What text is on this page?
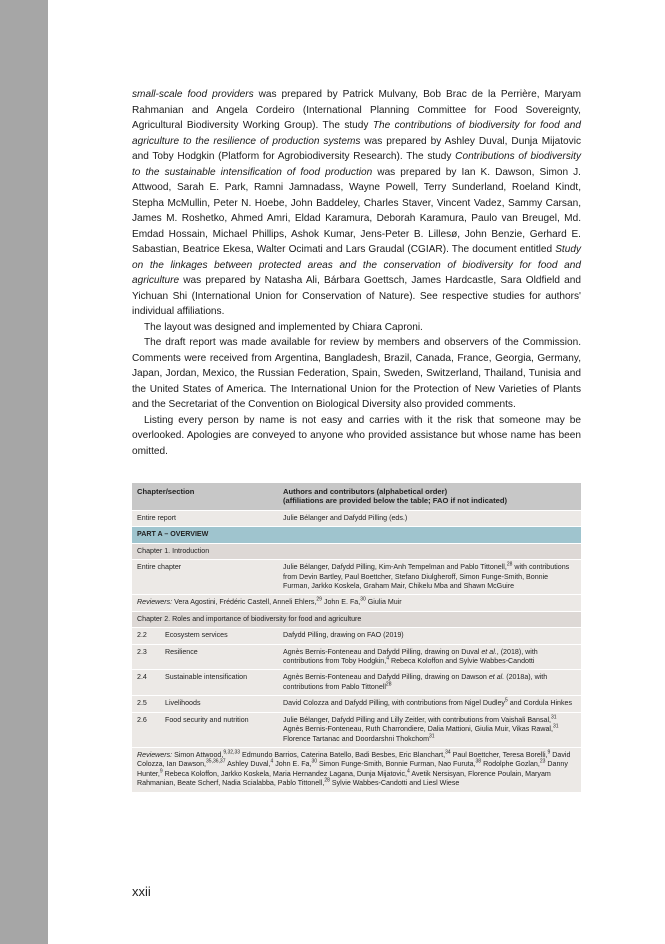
small-scale food providers was prepared by Patrick Mulvany, Bob Brac de la Perrière, Maryam Rahmanian and Angela Cordeiro (International Planning Committee for Food Sovereignty, Agricultural Biodiversity Working Group). The study The contributions of biodiversity for food and agriculture to the resilience of production systems was prepared by Ashley Duval, Dunja Mijatovic and Toby Hodgkin (Platform for Agrobiodiversity Research). The study Contributions of biodiversity to the sustainable intensification of food production was prepared by Ian K. Dawson, Simon J. Attwood, Sarah E. Park, Ramni Jamnadass, Wayne Powell, Terry Sunderland, Roeland Kindt, Stepha McMullin, Peter N. Hoebe, John Baddeley, Charles Staver, Vincent Vadez, Sammy Carsan, James M. Roshetko, Ahmed Amri, Eldad Karamura, Deborah Karamura, Paulo van Breugel, Md. Emdad Hossain, Michael Phillips, Ashok Kumar, Jens-Peter B. Lillesø, John Benzie, Gerhard E. Sabastian, Beatrice Ekesa, Walter Ocimati and Lars Graudal (CGIAR). The document entitled Study on the linkages between protected areas and the conservation of biodiversity for food and agriculture was prepared by Natasha Ali, Bárbara Goettsch, James Hardcastle, Sara Oldfield and Yichuan Shi (International Union for Conservation of Nature). See respective studies for authors' individual affiliations.

The layout was designed and implemented by Chiara Caproni.

The draft report was made available for review by members and observers of the Commission. Comments were received from Argentina, Bangladesh, Brazil, Canada, France, Georgia, Germany, Japan, Jordan, Mexico, the Russian Federation, Spain, Sweden, Switzerland, Thailand, Tunisia and the United States of America. The International Union for the Protection of New Varieties of Plants and the Secretariat of the Convention on Biological Diversity also provided comments.

Listing every person by name is not easy and carries with it the risk that someone may be overlooked. Apologies are conveyed to anyone who provided assistance but whose name has been omitted.

Chapter/section		Authors and contributors (alphabetical order)
(affiliations are provided below the table; FAO if not indicated)
Entire report		Julie Bélanger and Dafydd Pilling (eds.)
PART A – OVERVIEW		
Chapter 1. Introduction		
Entire chapter		Julie Bélanger, Dafydd Pilling, Kim-Anh Tempelman and Pablo Tittonell,$^{28}$ with contributions from Devin Bartley, Paul Boettcher, Stefano Diulgheroff, Simon Funge-Smith, Bonnie Furman, Jarkko Koskela, Graham Mair, Chikelu Mba and Shawn McGuire
Reviewers: Vera Agostini, Frédéric Castell, Anneli Ehlers,$^{29}$ John E. Fa,$^{30}$ Giulia Muir		
Chapter 2. Roles and importance of biodiversity for food and agriculture		
2.2	Ecosystem services	Dafydd Pilling, drawing on FAO (2019)
2.3	Resilience	Agnès Bernis-Fonteneau and Dafydd Pilling, drawing on Duval et al., (2018), with contributions from Toby Hodgkin,$^4$ Rebeca Koloffon and Sylvie Wabbes-Candotti
2.4	Sustainable intensification	Agnès Bernis-Fonteneau and Dafydd Pilling, drawing on Dawson et al. (2018a), with contributions from Pablo Tittonell$^{28}$
2.5	Livelihoods	David Colozza and Dafydd Pilling, with contributions from Nigel Dudley$^5$ and Cordula Hinkes
2.6	Food security and nutrition	Julie Bélanger, Dafydd Pilling and Lilly Zeitler, with contributions from Vaishali Bansal,$^{31}$ Agnès Bernis-Fonteneau, Ruth Charrondiere, Dalia Mattioni, Giulia Muir, Vikas Rawal,$^{31}$ Florence Tartanac and Doordarshni Thokchom$^{31}$
Reviewers: Simon Attwood,$^{9,32,33}$ Edmundo Barrios, Caterina Batello, Badi Besbes, Eric Blanchart,$^{34}$ Paul Boettcher, Teresa Borelli,$^9$ David Colozza, Ian Dawson,$^{35,36,37}$ Ashley Duval,$^4$ John E. Fa,$^{30}$ Simon Funge-Smith, Bonnie Furman, Nao Furuta,$^{38}$ Rodolphe Gozlan,$^{23}$ Danny Hunter,$^9$ Rebeca Koloffon, Jarkko Koskela, Maria Hernandez Lagana, Dunja Mijatovic,$^4$ Avetik Nersisyan, Florence Poulain, Maryam Rahmanian, Beate Scherf, Nadia Scialabba, Pablo Tittonell,$^{28}$ Sylvie Wabbes-Candotti and Liesl Wiese		
xxii
